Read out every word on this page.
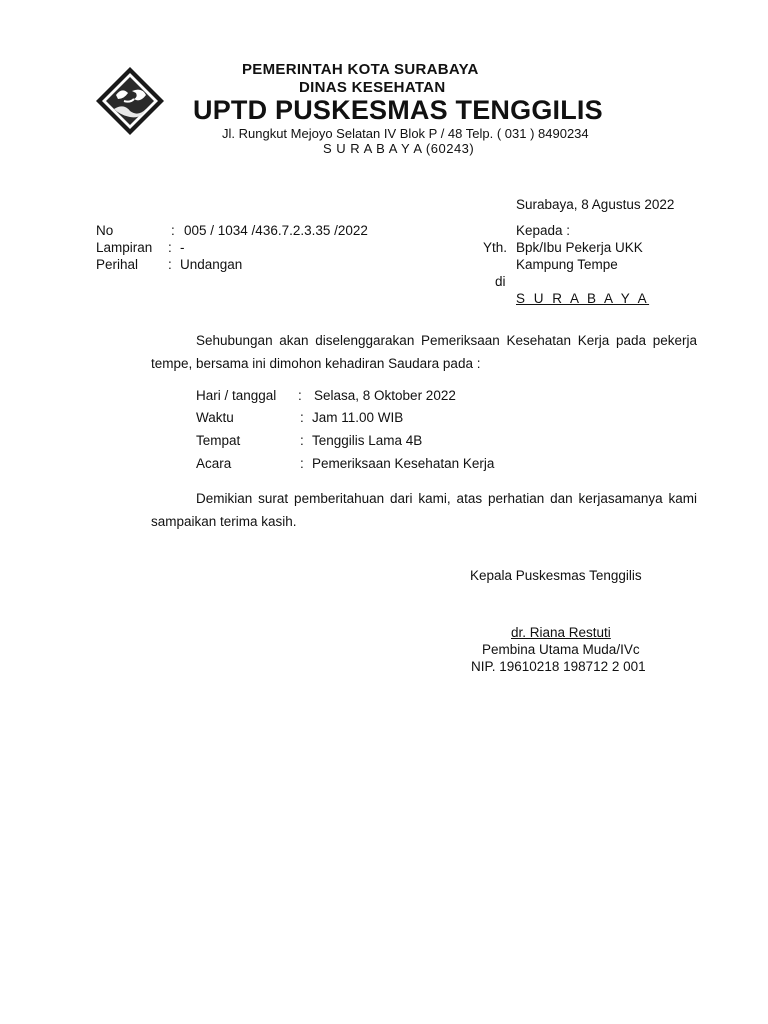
PEMERINTAH KOTA SURABAYA
DINAS KESEHATAN
UPTD PUSKESMAS TENGGILIS
Jl. Rungkut Mejoyo Selatan IV Blok P / 48 Telp. ( 031 ) 8490234
S U R A B A Y A (60243)
Surabaya, 8 Agustus 2022
No	: 005 / 1034 /436.7.2.3.35 /2022
Lampiran : -
Perihal : Undangan
Kepada :
Yth. Bpk/Ibu Pekerja UKK
Kampung Tempe
di
S U R A B A Y A
Sehubungan akan diselenggarakan Pemeriksaan Kesehatan Kerja pada pekerja tempe, bersama ini dimohon kehadiran Saudara pada :
Hari / tanggal : Selasa, 8 Oktober 2022
Waktu	: Jam 11.00 WIB
Tempat	: Tenggilis Lama 4B
Acara	: Pemeriksaan Kesehatan Kerja
Demikian surat pemberitahuan dari kami, atas perhatian dan kerjasamanya kami sampaikan terima kasih.
Kepala Puskesmas Tenggilis
dr. Riana Restuti
Pembina Utama Muda/IVc
NIP. 19610218 198712 2 001
